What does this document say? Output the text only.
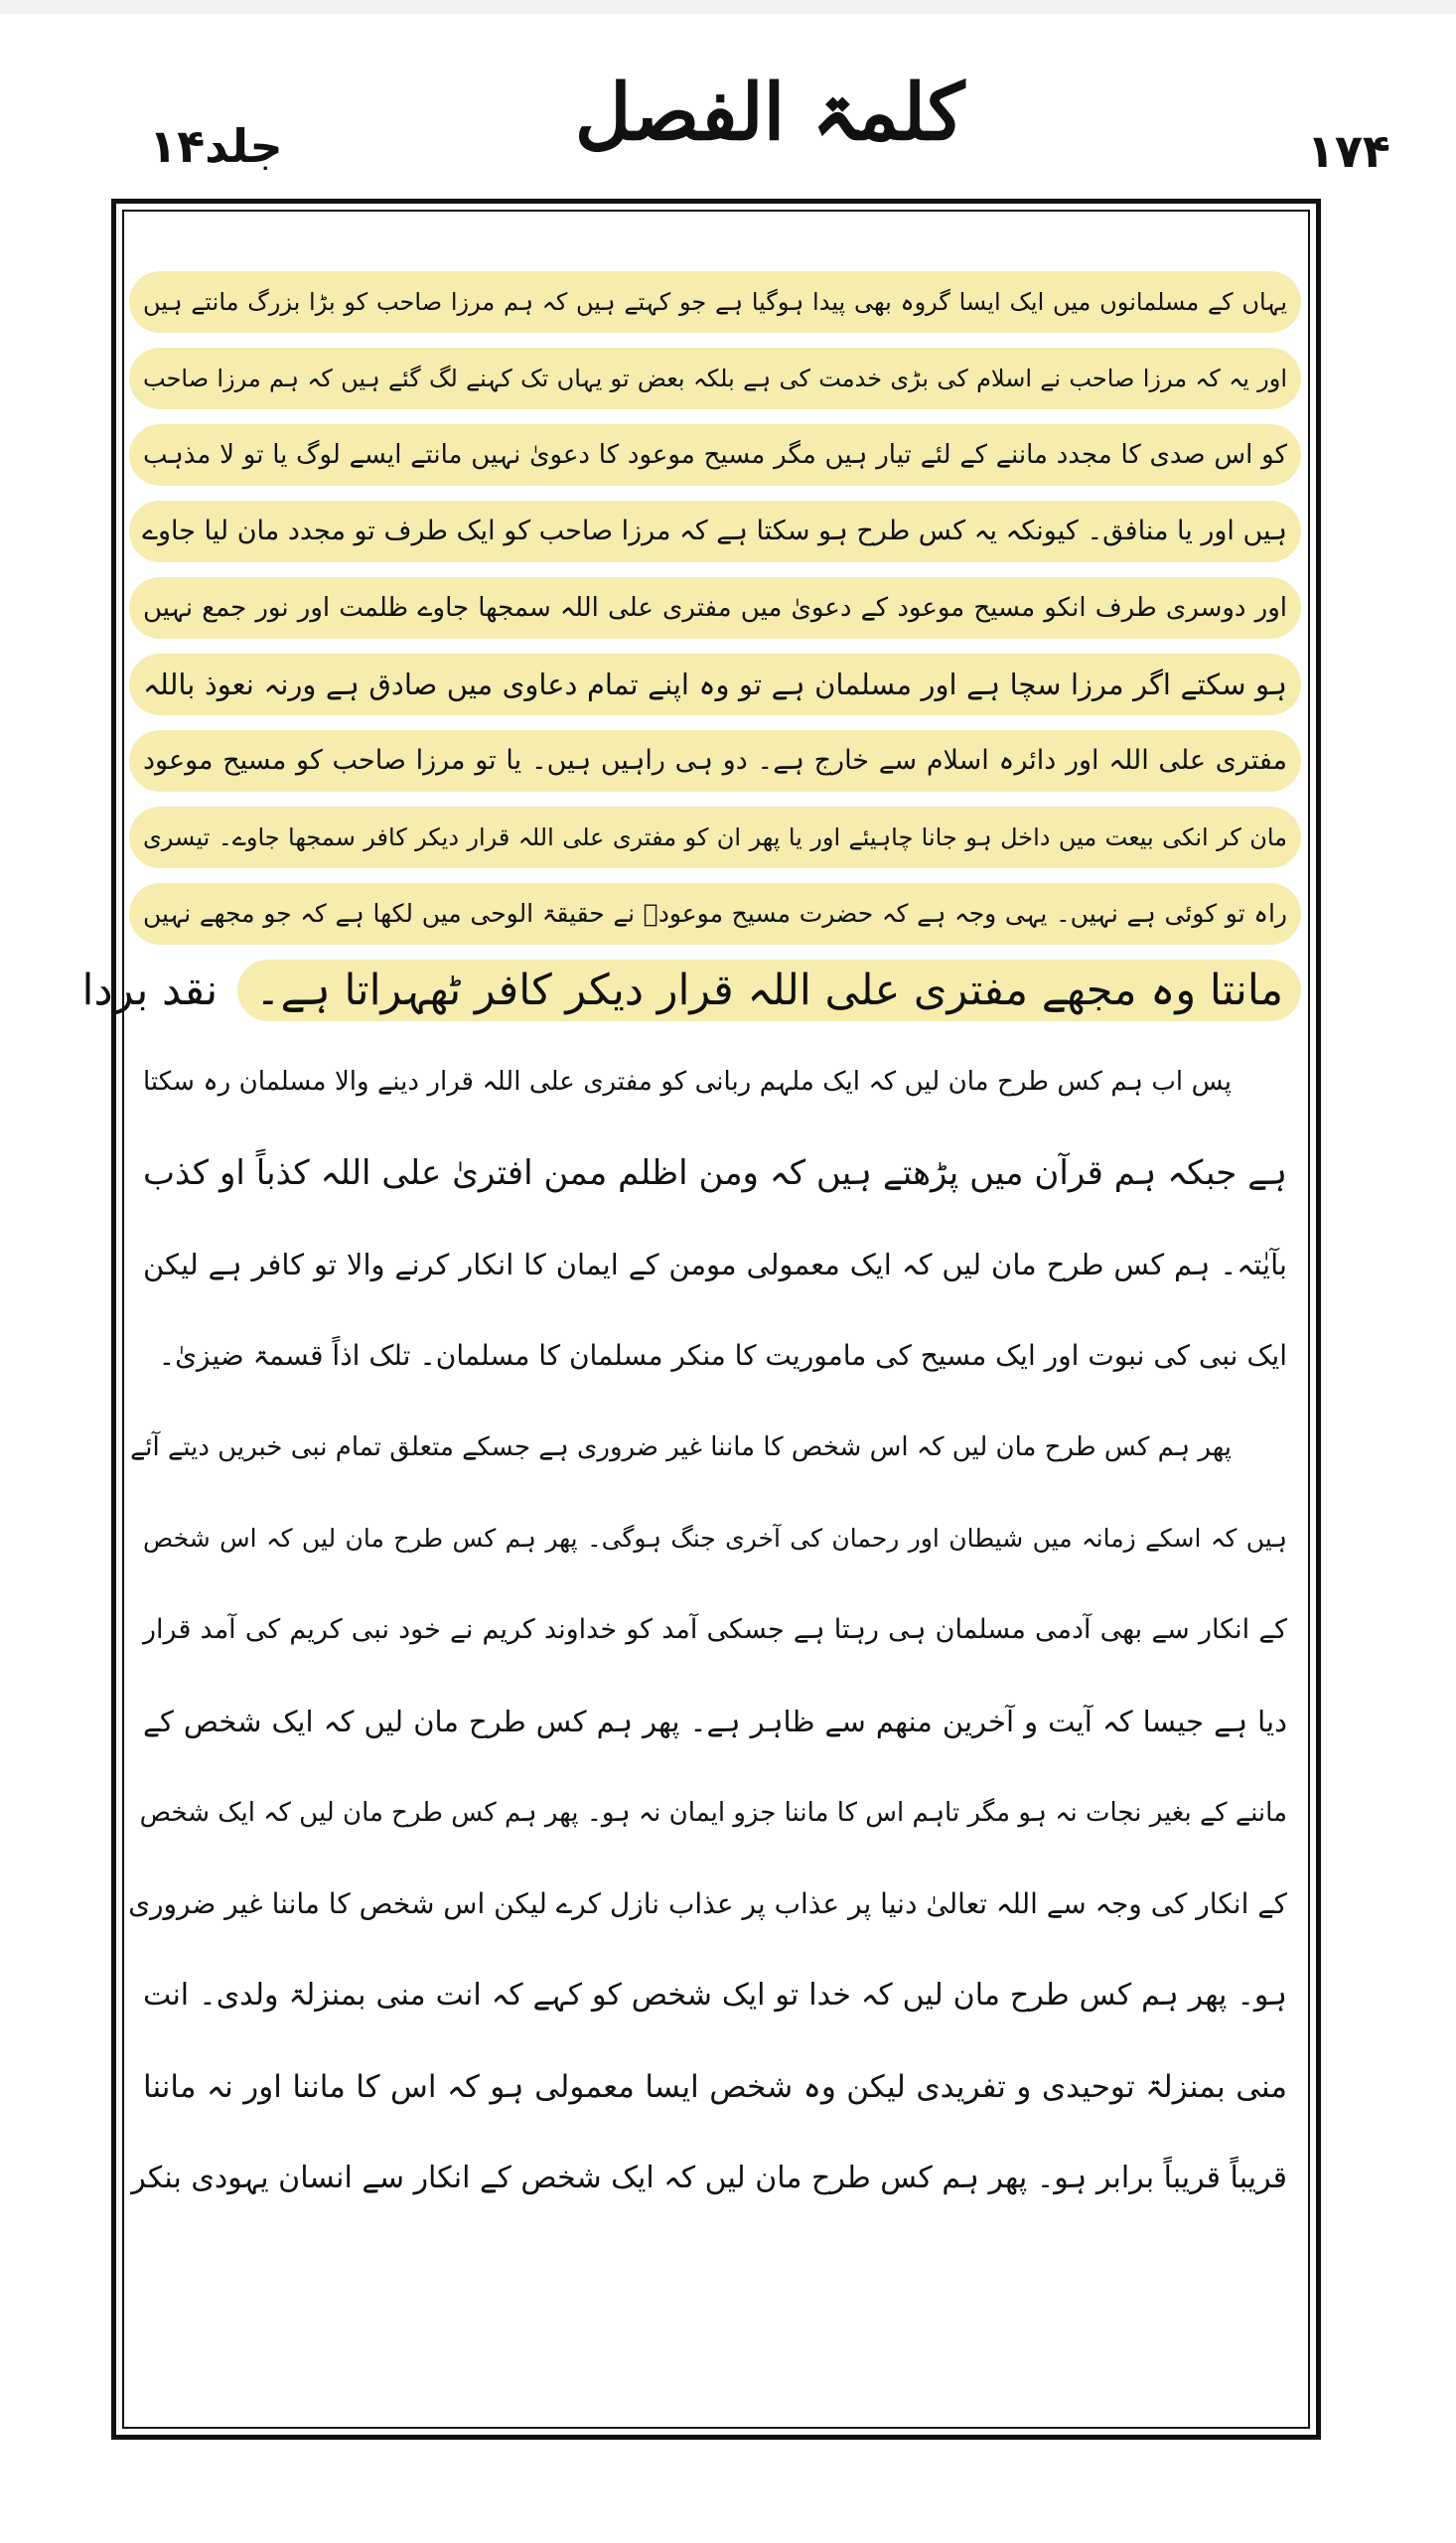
۱۷۴
کلمۃ الفصل
جلد۱۴
یہاں کے مسلمانوں میں ایک ایسا گروہ بھی پیدا ہوگیا ہے جو کہتے ہیں کہ ہم مرزا صاحب کو بڑا بزرگ مانتے ہیں
اور یہ کہ مرزا صاحب نے اسلام کی بڑی خدمت کی ہے بلکہ بعض تو یہاں تک کہنے لگ گئے ہیں کہ ہم مرزا صاحب
کو اس صدی کا مجدد ماننے کے لئے تیار ہیں مگر مسیح موعود کا دعویٰ نہیں مانتے ایسے لوگ یا تو لا مذہب
ہیں اور یا منافق۔ کیونکہ یہ کس طرح ہو سکتا ہے کہ مرزا صاحب کو ایک طرف تو مجدد مان لیا جاوے
اور دوسری طرف انکو مسیح موعود کے دعویٰ میں مفتری علی اللہ سمجھا جاوے ظلمت اور نور جمع نہیں
ہو سکتے اگر مرزا سچا ہے اور مسلمان ہے تو وہ اپنے تمام دعاوی میں صادق ہے ورنہ نعوذ باللہ
مفتری علی اللہ اور دائرہ اسلام سے خارج ہے۔ دو ہی راہیں ہیں۔ یا تو مرزا صاحب کو مسیح موعود
مان کر انکی بیعت میں داخل ہو جانا چاہیئے اور یا پھر ان کو مفتری علی اللہ قرار دیکر کافر سمجھا جاوے۔ تیسری
راہ تو کوئی ہے نہیں۔ یہی وجہ ہے کہ حضرت مسیح موعودؑ نے حقیقۃ الوحی میں لکھا ہے کہ جو مجھے نہیں
مانتا وہ مجھے مفتری علی اللہ قرار دیکر کافر ٹھہراتا ہے۔
نقد بردا
پس اب ہم کس طرح مان لیں کہ ایک ملہم ربانی کو مفتری علی اللہ قرار دینے والا مسلمان رہ سکتا
ہے جبکہ ہم قرآن میں پڑھتے ہیں کہ ومن اظلم ممن افتریٰ علی اللہ کذباً او کذب
بآیٰتہ۔ ہم کس طرح مان لیں کہ ایک معمولی مومن کے ایمان کا انکار کرنے والا تو کافر ہے لیکن
ایک نبی کی نبوت اور ایک مسیح کی ماموریت کا منکر مسلمان کا مسلمان۔ تلک اذاً قسمۃ ضیزیٰ۔
پھر ہم کس طرح مان لیں کہ اس شخص کا ماننا غیر ضروری ہے جسکے متعلق تمام نبی خبریں دیتے آئے
ہیں کہ اسکے زمانہ میں شیطان اور رحمان کی آخری جنگ ہوگی۔ پھر ہم کس طرح مان لیں کہ اس شخص
کے انکار سے بھی آدمی مسلمان ہی رہتا ہے جسکی آمد کو خداوند کریم نے خود نبی کریم کی آمد قرار
دیا ہے جیسا کہ آیت و آخرین منھم سے ظاہر ہے۔ پھر ہم کس طرح مان لیں کہ ایک شخص کے
ماننے کے بغیر نجات نہ ہو مگر تاہم اس کا ماننا جزو ایمان نہ ہو۔ پھر ہم کس طرح مان لیں کہ ایک شخص
کے انکار کی وجہ سے اللہ تعالیٰ دنیا پر عذاب پر عذاب نازل کرے لیکن اس شخص کا ماننا غیر ضروری
ہو۔ پھر ہم کس طرح مان لیں کہ خدا تو ایک شخص کو کہے کہ انت منی بمنزلۃ ولدی۔ انت
منی بمنزلۃ توحیدی و تفریدی لیکن وہ شخص ایسا معمولی ہو کہ اس کا ماننا اور نہ ماننا
قریباً قریباً برابر ہو۔ پھر ہم کس طرح مان لیں کہ ایک شخص کے انکار سے انسان یہودی بنکر
